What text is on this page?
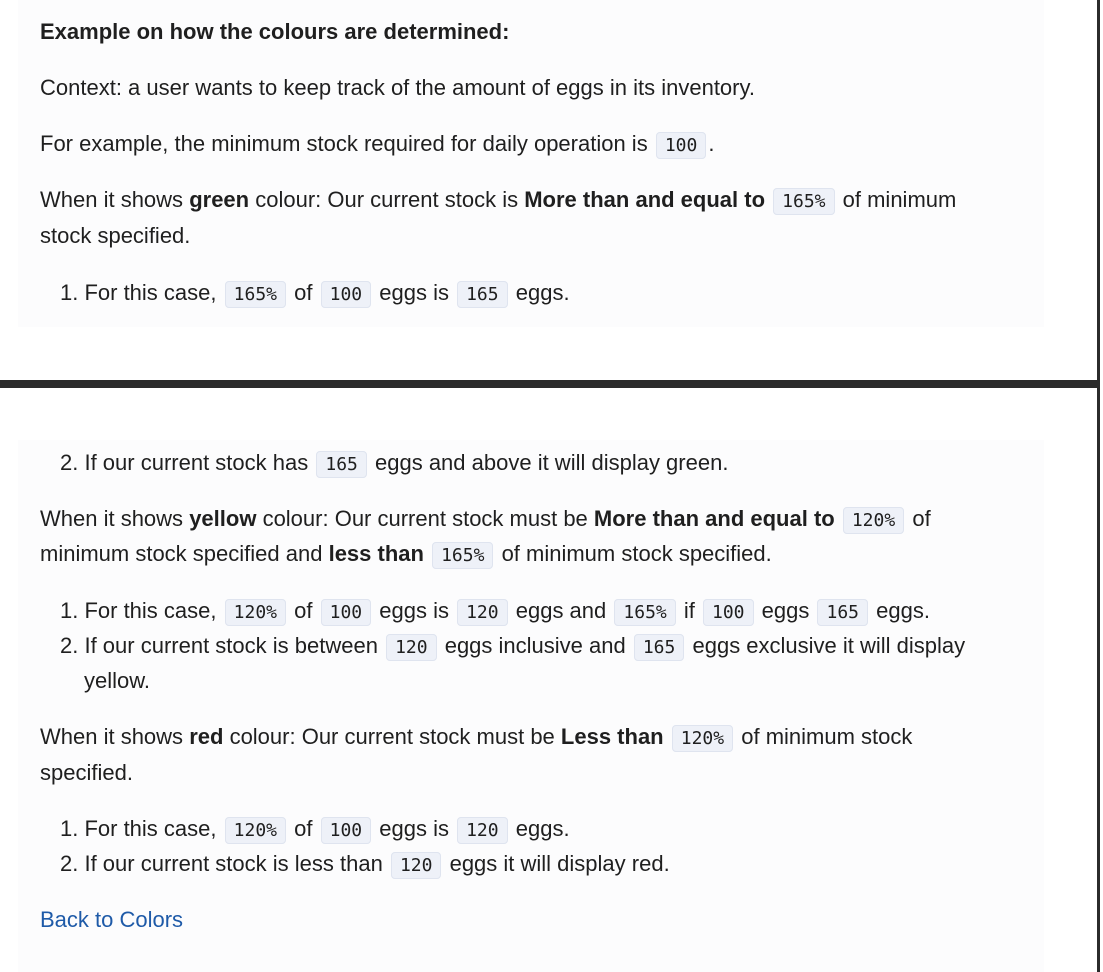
Example on how the colours are determined:

Context: a user wants to keep track of the amount of eggs in its inventory.

For example, the minimum stock required for daily operation is 100 .

When it shows green colour: Our current stock is More than and equal to 165% of minimum

stock specified.

1. For this case, 165% of 100 eggs is 165 eggs.

2. If our current stock has 165 eggs and above it will display green.

When it shows yellow colour: Our current stock must be More than and equal to 120% of

minimum stock specified and less than 165% of minimum stock specified.

1. For this case, 120% of 100 eggs is 120 eggs and 165% if 100 eggs 165 eggs.

2. If our current stock is between 120 eggs inclusive and 165 eggs exclusive it will display

yellow.

When it shows red colour: Our current stock must be Less than 120% of minimum stock

specified.

1. For this case, 120% of 100 eggs is 120 eggs.

2. If our current stock is less than 120 eggs it will display red.

Back to Colors
